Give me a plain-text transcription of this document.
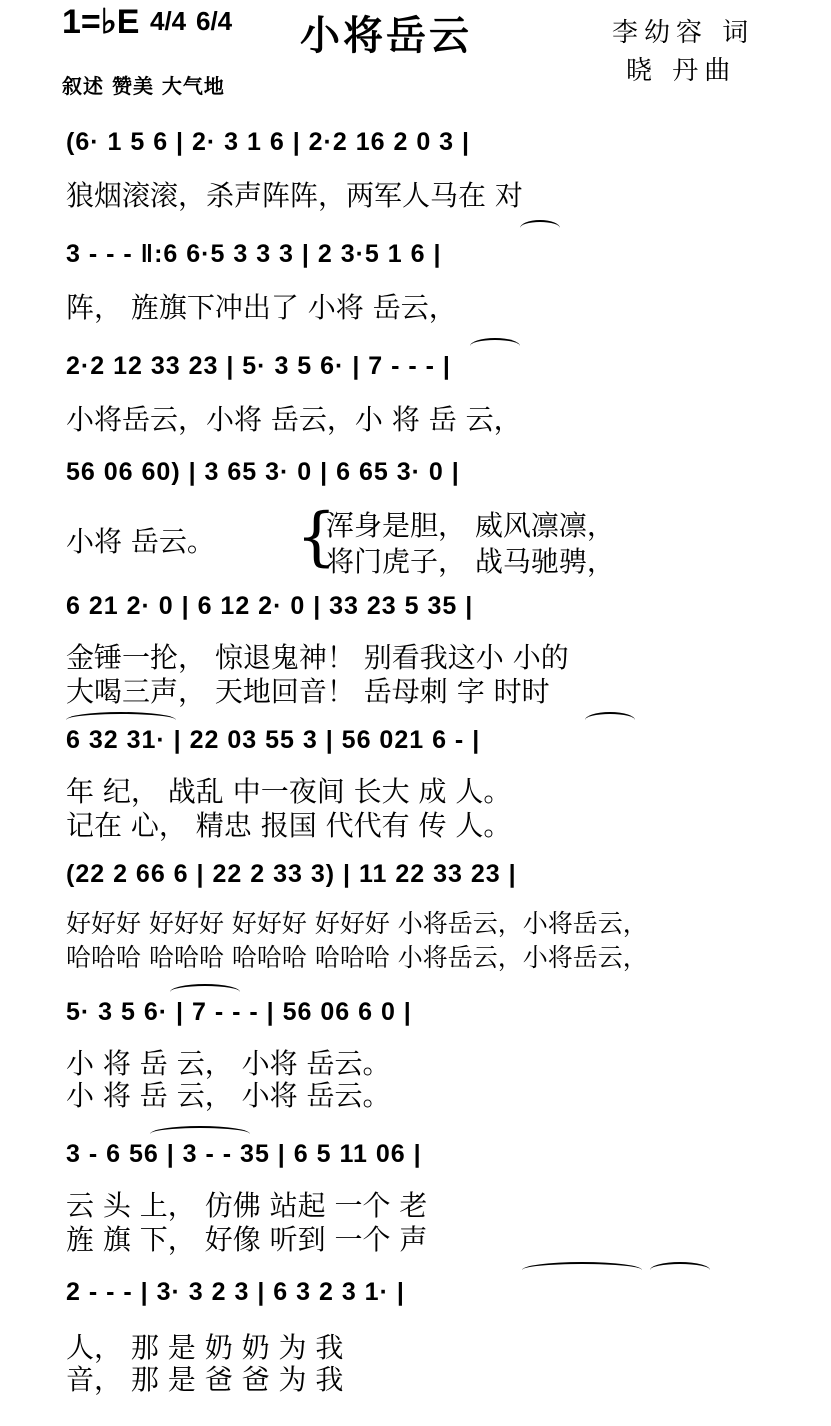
1=♭E 4/4 6/4 小将岳云	李幼容 词
晓 丹曲
叙述 赞美 大气地
(6· 1 5 6 | 2· 3 1 6 | 2·2 16 2 0 3 |
狼烟滚滚，杀声阵阵，两军人马在 对
3 - - - ‖:6 6·5 3 3 3 | 2 3·5 1 6 |
阵， 旌旗下冲出了 小将 岳云，
2·2 12 33 23 | 5· 3 5 6· | 7 - - - |
小将岳云，小将 岳云，小 将 岳 云，
56 06 60) | 3 65 3· 0 | 6 65 3· 0 |
小将 岳云。 {
浑身是胆， 威风凛凛，
将门虎子， 战马驰骋，
6 21 2· 0 | 6 12 2· 0 | 33 23 5 35 |
金锤一抡， 惊退鬼神！ 别看我这小 小的
大喝三声， 天地回音！ 岳母刺 字 时时
6 32 31· | 22 03 55 3 | 56 021 6 - |
年 纪， 战乱 中一夜间 长大 成 人。
记在 心， 精忠 报国 代代有 传 人。
(22 2 66 6 | 22 2 33 3) | 11 22 33 23 |
好好好 好好好 好好好 好好好 小将岳云，小将岳云，
哈哈哈 哈哈哈 哈哈哈 哈哈哈 小将岳云，小将岳云，
5· 3 5 6· | 7 - - - | 56 06 6 0 |
小 将 岳 云， 小将 岳云。
小 将 岳 云， 小将 岳云。
3 - 6 56 | 3 - - 35 | 6 5 11 06 |
云 头 上， 仿佛 站起 一个 老
旌 旗 下， 好像 听到 一个 声
2 - - - | 3· 3 2 3 | 6 3 2 3 1· |
人， 那 是 奶 奶 为 我
音， 那 是 爸 爸 为 我
